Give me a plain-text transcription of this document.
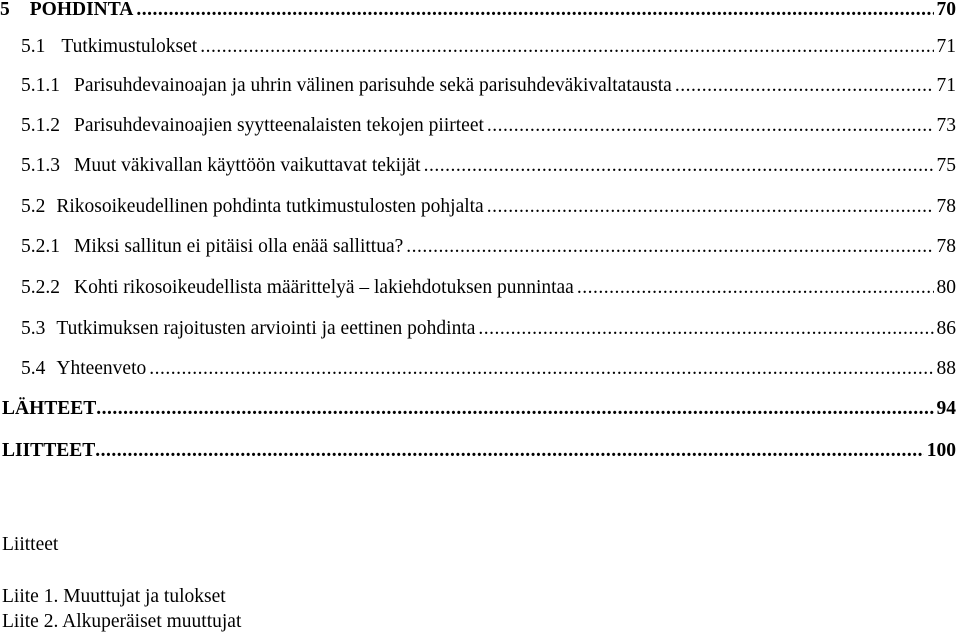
5 POHDINTA .....	70
5.1 Tutkimustulokset .....	71
5.1.1 Parisuhdevainoajan ja uhrin välinen parisuhde sekä parisuhdeväkivaltatausta .....	71
5.1.2 Parisuhdevainoajien syytteenalaisten tekojen piirteet .....	73
5.1.3 Muut väkivallan käyttöön vaikuttavat tekijät .....	75
5.2 Rikosoikeudellinen pohdinta tutkimustulosten pohjalta .....	78
5.2.1 Miksi sallitun ei pitäisi olla enää sallittua? .....	78
5.2.2 Kohti rikosoikeudellista määrittelyä – lakiehdotuksen punnintaa .....	80
5.3 Tutkimuksen rajoitusten arviointi ja eettinen pohdinta .....	86
5.4 Yhteenveto .....	88
LÄHTEET .....	94
LIITTEET .....	100
Liitteet
Liite 1. Muuttujat ja tulokset
Liite 2. Alkuperäiset muuttujat
